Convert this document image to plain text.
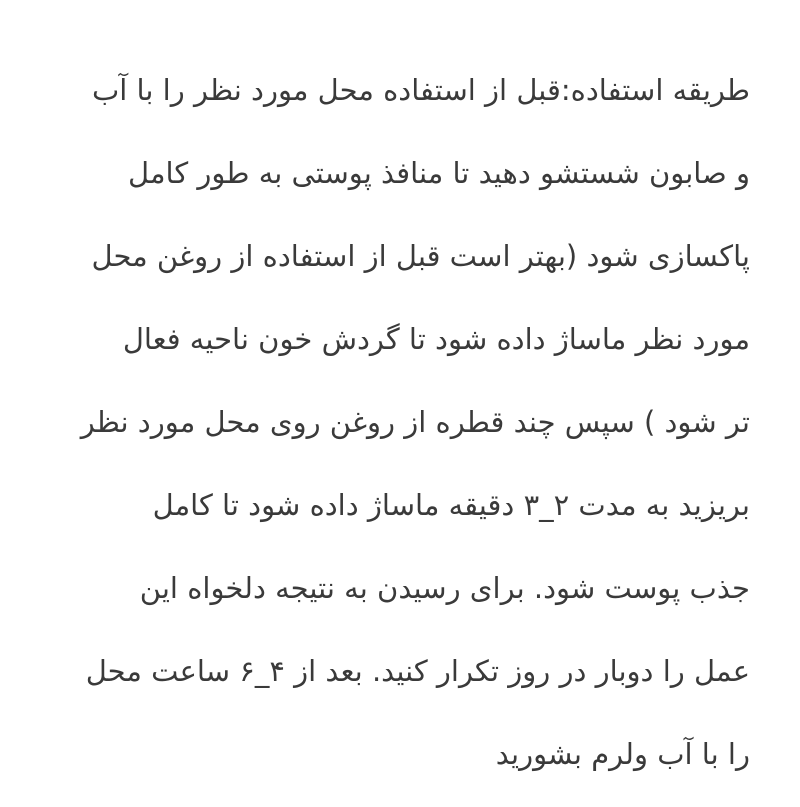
طریقه استفاده:قبل از استفاده محل مورد نظر را با آب
و صابون شستشو دهید تا منافذ پوستی به طور کامل
پاکسازی شود (بهتر است قبل از استفاده از روغن محل
مورد نظر ماساژ داده شود تا گردش خون ناحیه فعال
تر شود ) سپس چند قطره از روغن روی محل مورد نظر
بریزید به مدت ۲_۳ دقیقه ماساژ داده شود تا کامل
جذب پوست شود. برای رسیدن به نتیجه دلخواه این
عمل را دوبار در روز تکرار کنید. بعد از ۴_۶ ساعت محل
را با آب ولرم بشورید
